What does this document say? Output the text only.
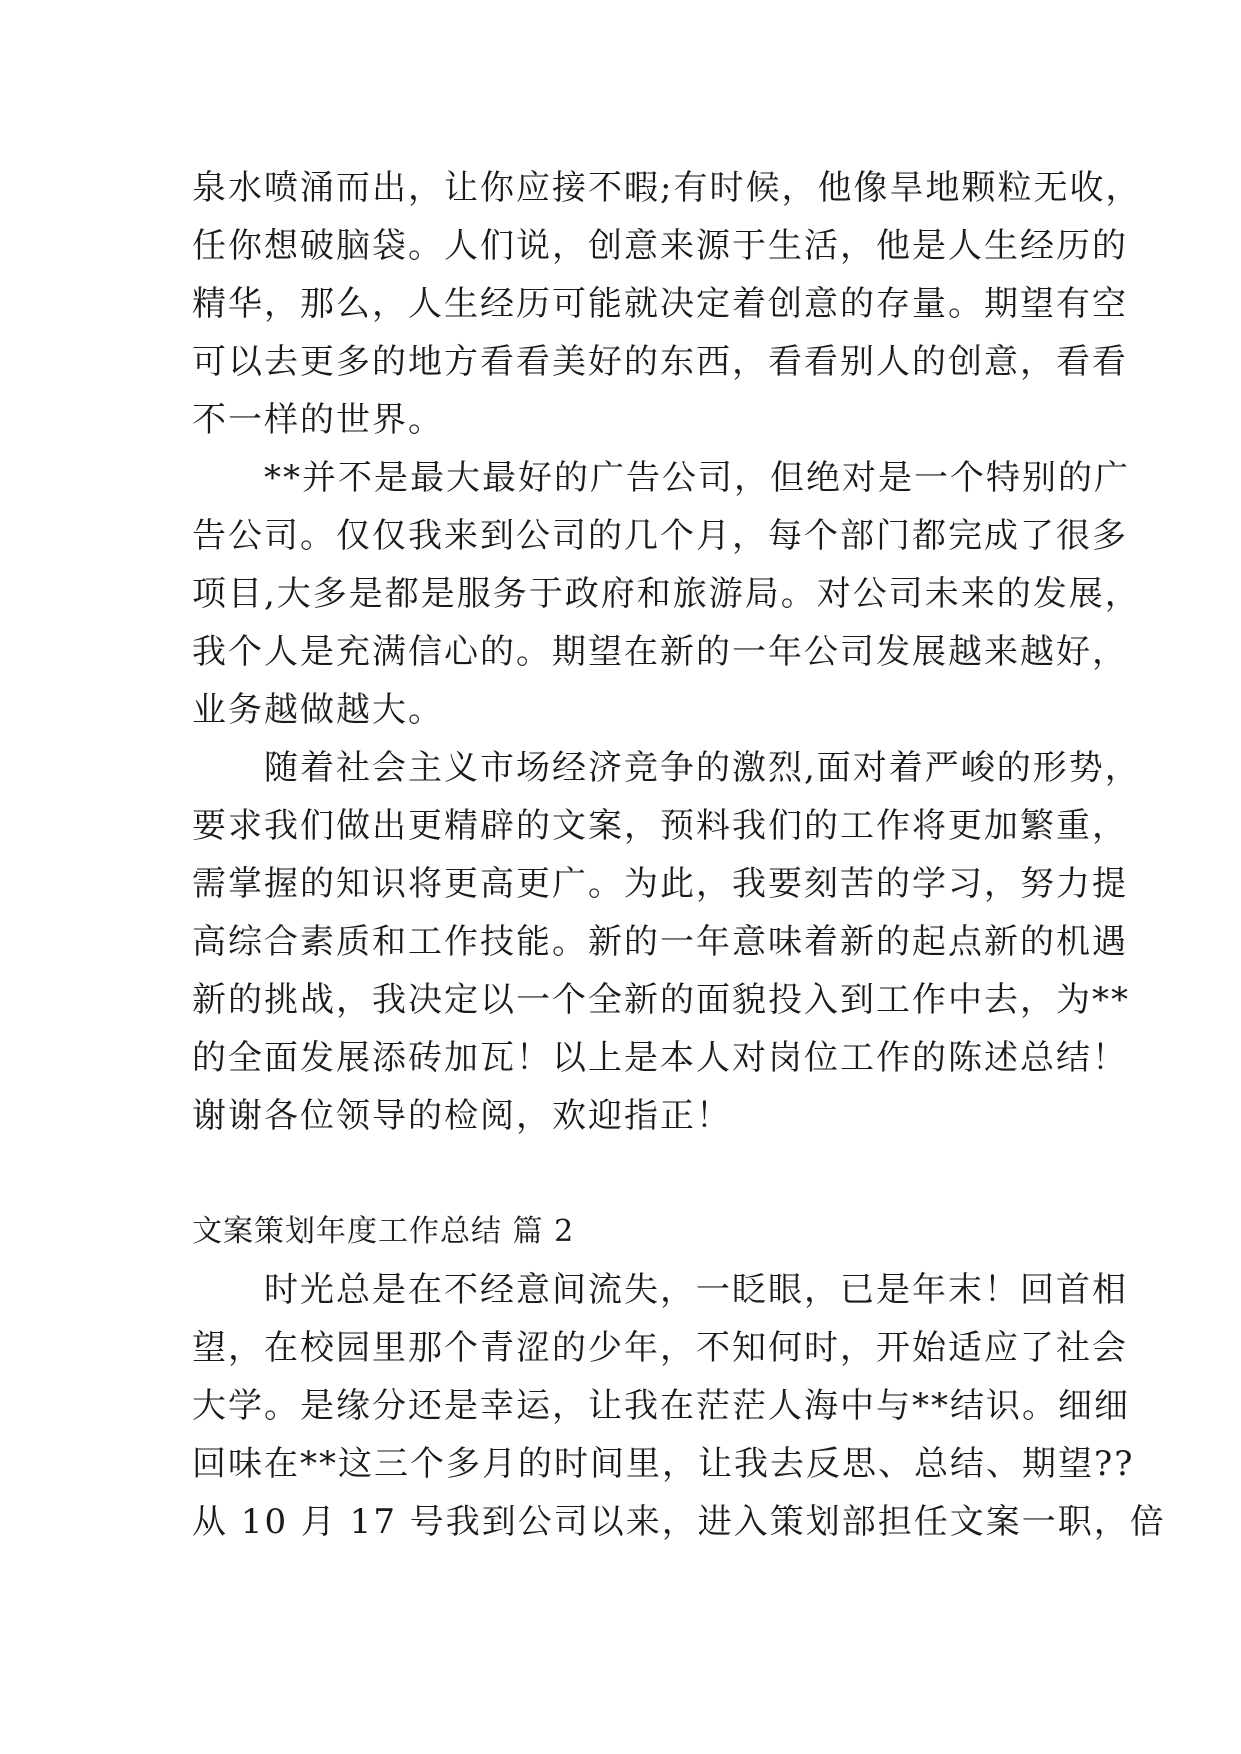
泉水喷涌而出，让你应接不暇;有时候，他像旱地颗粒无收，
任你想破脑袋。人们说，创意来源于生活，他是人生经历的
精华，那么，人生经历可能就决定着创意的存量。期望有空
可以去更多的地方看看美好的东西，看看别人的创意，看看
不一样的世界。
　　**并不是最大最好的广告公司，但绝对是一个特别的广
告公司。仅仅我来到公司的几个月，每个部门都完成了很多
项目,大多是都是服务于政府和旅游局。对公司未来的发展，
我个人是充满信心的。期望在新的一年公司发展越来越好，
业务越做越大。
　　随着社会主义市场经济竞争的激烈,面对着严峻的形势，
要求我们做出更精辟的文案，预料我们的工作将更加繁重，
需掌握的知识将更高更广。为此，我要刻苦的学习，努力提
高综合素质和工作技能。新的一年意味着新的起点新的机遇
新的挑战，我决定以一个全新的面貌投入到工作中去，为**
的全面发展添砖加瓦！以上是本人对岗位工作的陈述总结！
谢谢各位领导的检阅，欢迎指正！
文案策划年度工作总结 篇 2
　　时光总是在不经意间流失，一眨眼，已是年末！回首相
望，在校园里那个青涩的少年，不知何时，开始适应了社会
大学。是缘分还是幸运，让我在茫茫人海中与**结识。细细
回味在**这三个多月的时间里，让我去反思、总结、期望??
从 10 月 17 号我到公司以来，进入策划部担任文案一职，倍
